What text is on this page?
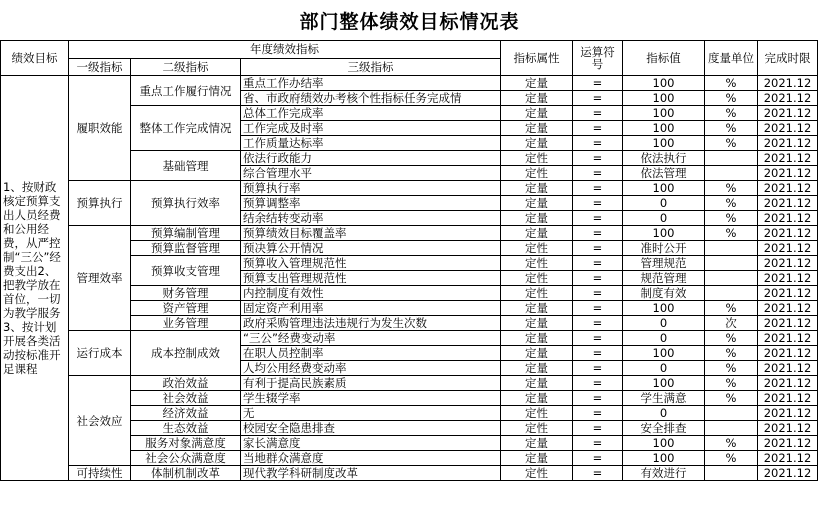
部门整体绩效目标情况表
绩效目标	年度绩效指标			指标属性	运算符号	指标值	度量单位	完成时限
	一级指标	二级指标	三级指标					
1、按财政核定预算支出人员经费和公用经费，从严控制“三公”经费支出2、把教学放在首位，一切为教学服务3、按计划开展各类活动按标准开足课程	履职效能	重点工作履行情况	重点工作办结率	定量	=	100	%	2021.12
			省、市政府绩效办考核个性指标任务完成情	定量	=	100	%	2021.12
		整体工作完成情况	总体工作完成率	定量	=	100	%	2021.12
			工作完成及时率	定量	=	100	%	2021.12
			工作质量达标率	定量	=	100	%	2021.12
		基础管理	依法行政能力	定性	=	依法执行		2021.12
			综合管理水平	定性	=	依法管理		2021.12
	预算执行	预算执行效率	预算执行率	定量	=	100	%	2021.12
			预算调整率	定量	=	0	%	2021.12
			结余结转变动率	定量	=	0	%	2021.12
	管理效率	预算编制管理	预算绩效目标覆盖率	定量	=	100	%	2021.12
		预算监督管理	预决算公开情况	定性	=	准时公开		2021.12
		预算收支管理	预算收入管理规范性	定性	=	管理规范		2021.12
			预算支出管理规范性	定性	=	规范管理		2021.12
		财务管理	内控制度有效性	定性	=	制度有效		2021.12
		资产管理	固定资产利用率	定量	=	100	%	2021.12
		业务管理	政府采购管理违法违规行为发生次数	定量	=	0	次	2021.12
	运行成本	成本控制成效	“三公”经费变动率	定量	=	0	%	2021.12
			在职人员控制率	定量	=	100	%	2021.12
			人均公用经费变动率	定量	=	0	%	2021.12
	社会效应	政治效益	有利于提高民族素质	定量	=	100	%	2021.12
		社会效益	学生辍学率	定量	=	学生满意	%	2021.12
		经济效益	无	定性	=	0		2021.12
		生态效益	校园安全隐患排查	定性	=	安全排查		2021.12
		服务对象满意度	家长满意度	定量	=	100	%	2021.12
		社会公众满意度	当地群众满意度	定量	=	100	%	2021.12
	可持续性	体制机制改革	现代教学科研制度改革	定性	=	有效进行		2021.12
